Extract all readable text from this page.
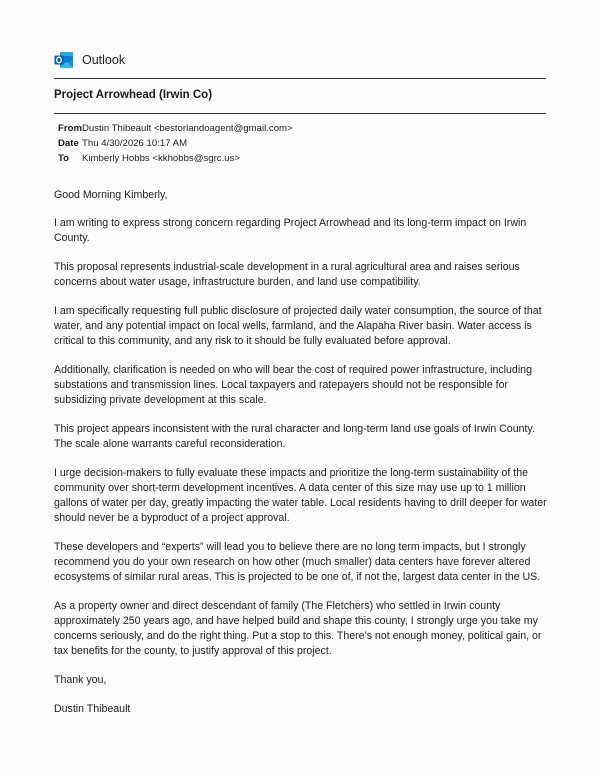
Outlook
Project Arrowhead (Irwin Co)
From Dustin Thibeault <bestorlandoagent@gmail.com>
Date Thu 4/30/2026 10:17 AM
To	Kimberly Hobbs <kkhobbs@sgrc.us>

Good Morning Kimberly,

I am writing to express strong concern regarding Project Arrowhead and its long-term impact on Irwin County.

This proposal represents industrial-scale development in a rural agricultural area and raises serious concerns about water usage, infrastructure burden, and land use compatibility.

I am specifically requesting full public disclosure of projected daily water consumption, the source of that water, and any potential impact on local wells, farmland, and the Alapaha River basin. Water access is critical to this community, and any risk to it should be fully evaluated before approval.

Additionally, clarification is needed on who will bear the cost of required power infrastructure, including substations and transmission lines. Local taxpayers and ratepayers should not be responsible for subsidizing private development at this scale.

This project appears inconsistent with the rural character and long-term land use goals of Irwin County. The scale alone warrants careful reconsideration.

I urge decision-makers to fully evaluate these impacts and prioritize the long-term sustainability of the community over short-term development incentives. A data center of this size may use up to 1 million gallons of water per day, greatly impacting the water table. Local residents having to drill deeper for water should never be a byproduct of a project approval.

These developers and “experts” will lead you to believe there are no long term impacts, but I strongly recommend you do your own research on how other (much smaller) data centers have forever altered ecosystems of similar rural areas. This is projected to be one of, if not the, largest data center in the US.

As a property owner and direct descendant of family (The Fletchers) who settled in Irwin county approximately 250 years ago, and have helped build and shape this county, I strongly urge you take my concerns seriously, and do the right thing. Put a stop to this. There’s not enough money, political gain, or tax benefits for the county, to justify approval of this project.

Thank you,

Dustin Thibeault
